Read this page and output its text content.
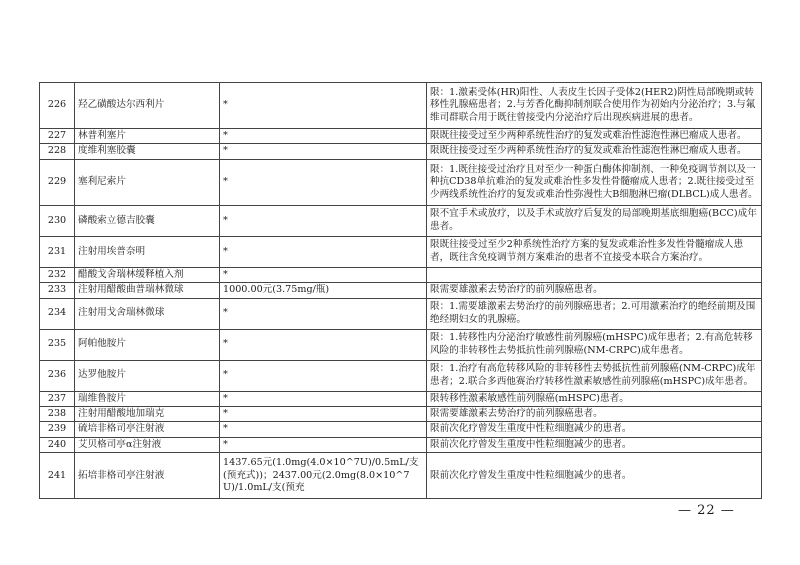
226	羟乙磺酸达尔西利片	*	限：1.激素受体(HR)阳性、人表皮生长因子受体2(HER2)阴性局部晚期或转移性乳腺癌患者；2.与芳香化酶抑制剂联合使用作为初始内分泌治疗；3.与氟维司群联合用于既往曾接受内分泌治疗后出现疾病进展的患者。
227	林普利塞片	*	限既往接受过至少两种系统性治疗的复发或难治性滤泡性淋巴瘤成人患者。
228	度维利塞胶囊	*	限既往接受过至少两种系统性治疗的复发或难治性滤泡性淋巴瘤成人患者。
229	塞利尼索片	*	限：1.既往接受过治疗且对至少一种蛋白酶体抑制剂、一种免疫调节剂以及一种抗CD38单抗难治的复发或难治性多发性骨髓瘤成人患者；2.既往接受过至少两线系统性治疗的复发或难治性弥漫性大B细胞淋巴瘤(DLBCL)成人患者。
230	磷酸索立德吉胶囊	*	限不宜手术或放疗，以及手术或放疗后复发的局部晚期基底细胞癌(BCC)成年患者。
231	注射用埃普奈明	*	限既往接受过至少2种系统性治疗方案的复发或难治性多发性骨髓瘤成人患者，既往含免疫调节剂方案难治的患者不宜接受本联合方案治疗。
232	醋酸戈舍瑞林缓释植入剂	*	
233	注射用醋酸曲普瑞林微球	1000.00元(3.75mg/瓶)	限需要雄激素去势治疗的前列腺癌患者。
234	注射用戈舍瑞林微球	*	限：1.需要雄激素去势治疗的前列腺癌患者；2.可用激素治疗的绝经前期及围绝经期妇女的乳腺癌。
235	阿帕他胺片	*	限：1.转移性内分泌治疗敏感性前列腺癌(mHSPC)成年患者；2.有高危转移风险的非转移性去势抵抗性前列腺癌(NM-CRPC)成年患者。
236	达罗他胺片	*	限：1.治疗有高危转移风险的非转移性去势抵抗性前列腺癌(NM-CRPC)成年患者；2.联合多西他赛治疗转移性激素敏感性前列腺癌(mHSPC)成年患者。
237	瑞维鲁胺片	*	限转移性激素敏感性前列腺癌(mHSPC)患者。
238	注射用醋酸地加瑞克	*	限需要雄激素去势治疗的前列腺癌患者。
239	硫培非格司亭注射液	*	限前次化疗曾发生重度中性粒细胞减少的患者。
240	艾贝格司亭α注射液	*	限前次化疗曾发生重度中性粒细胞减少的患者。
241	拓培非格司亭注射液	1437.65元(1.0mg(4.0×10^7U)/0.5mL/支(预充式))；2437.00元(2.0mg(8.0×10^7U)/1.0mL/支(预充	限前次化疗曾发生重度中性粒细胞减少的患者。
— 22 —
